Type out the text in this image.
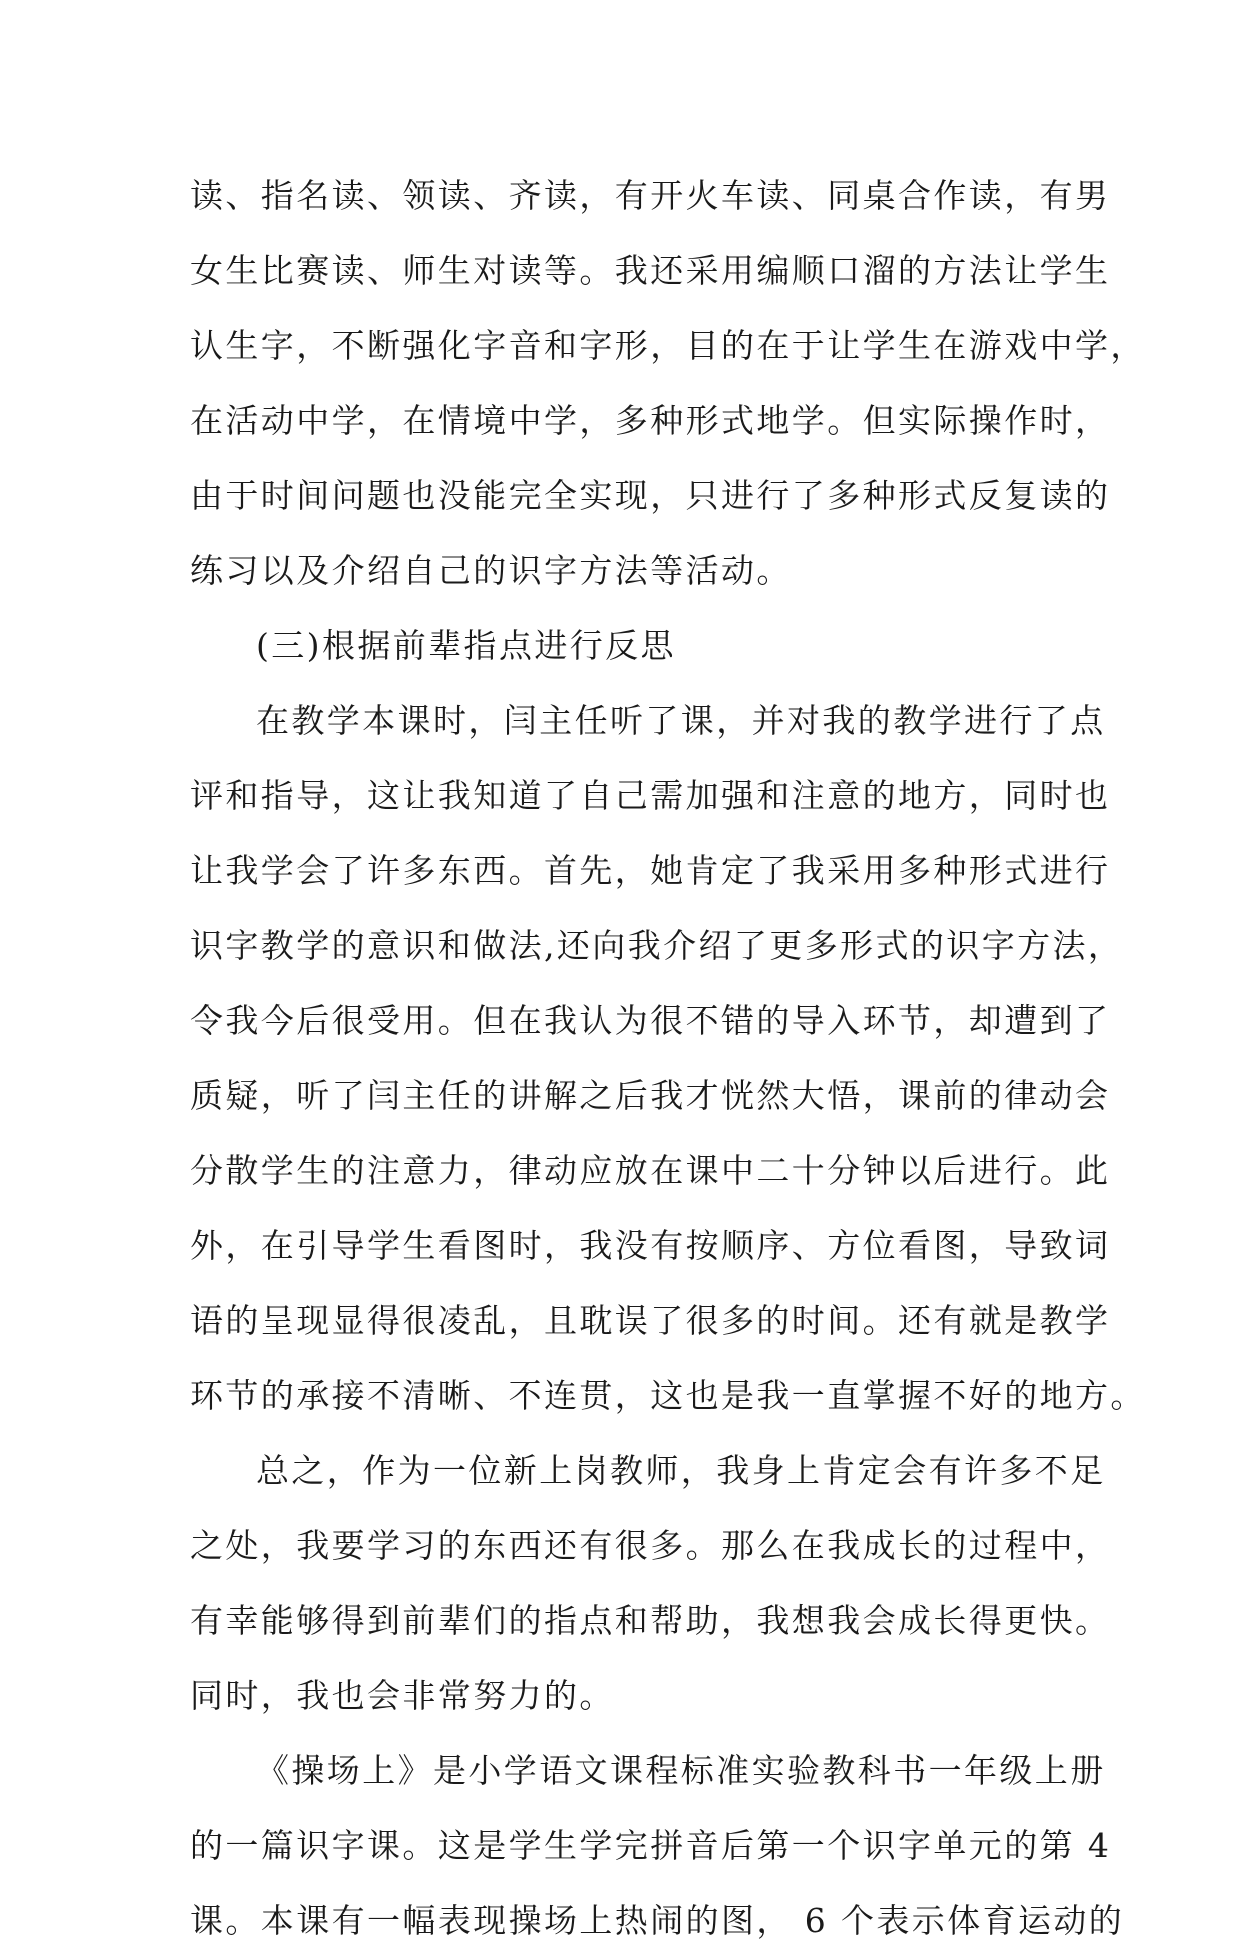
读、指名读、领读、齐读，有开火车读、同桌合作读，有男
女生比赛读、师生对读等。我还采用编顺口溜的方法让学生
认生字，不断强化字音和字形，目的在于让学生在游戏中学，
在活动中学，在情境中学，多种形式地学。但实际操作时，
由于时间问题也没能完全实现，只进行了多种形式反复读的
练习以及介绍自己的识字方法等活动。
(三)根据前辈指点进行反思
在教学本课时，闫主任听了课，并对我的教学进行了点
评和指导，这让我知道了自己需加强和注意的地方，同时也
让我学会了许多东西。首先，她肯定了我采用多种形式进行
识字教学的意识和做法,还向我介绍了更多形式的识字方法，
令我今后很受用。但在我认为很不错的导入环节，却遭到了
质疑，听了闫主任的讲解之后我才恍然大悟，课前的律动会
分散学生的注意力，律动应放在课中二十分钟以后进行。此
外，在引导学生看图时，我没有按顺序、方位看图，导致词
语的呈现显得很凌乱，且耽误了很多的时间。还有就是教学
环节的承接不清晰、不连贯，这也是我一直掌握不好的地方。
总之，作为一位新上岗教师，我身上肯定会有许多不足
之处，我要学习的东西还有很多。那么在我成长的过程中，
有幸能够得到前辈们的指点和帮助，我想我会成长得更快。
同时，我也会非常努力的。
《操场上》是小学语文课程标准实验教科书一年级上册
的一篇识字课。这是学生学完拼音后第一个识字单元的第 4
课。本课有一幅表现操场上热闹的图， 6 个表示体育运动的
